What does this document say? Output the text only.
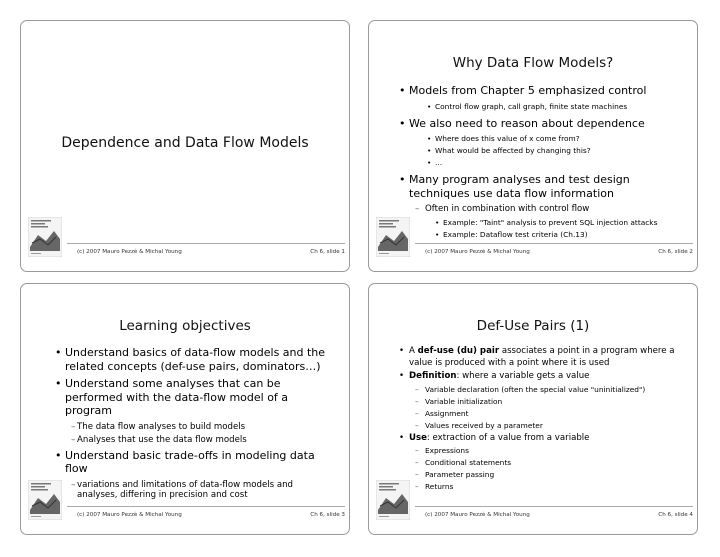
Dependence and Data Flow Models
(c) 2007 Mauro Pezzè & Michal Young	Ch 6, slide 1
Why Data Flow Models?
• Models from Chapter 5 emphasized control
• Control flow graph, call graph, finite state machines
• We also need to reason about dependence
• Where does this value of x come from?
• What would be affected by changing this?
• ...
• Many program analyses and test design techniques use data flow information
– Often in combination with control flow
• Example: "Taint" analysis to prevent SQL injection attacks
• Example: Dataflow test criteria (Ch.13)
(c) 2007 Mauro Pezzè & Michal Young	Ch 6, slide 2
Learning objectives
• Understand basics of data-flow models and the related concepts (def-use pairs, dominators…)
• Understand some analyses that can be performed with the data-flow model of a program
– The data flow analyses to build models
– Analyses that use the data flow models
• Understand basic trade-offs in modeling data flow
– variations and limitations of data-flow models and analyses, differing in precision and cost
(c) 2007 Mauro Pezzè & Michal Young	Ch 6, slide 3
Def-Use Pairs (1)
• A def-use (du) pair associates a point in a program where a value is produced with a point where it is used
• Definition: where a variable gets a value
– Variable declaration (often the special value "uninitialized")
– Variable initialization
– Assignment
– Values received by a parameter
• Use: extraction of a value from a variable
– Expressions
– Conditional statements
– Parameter passing
– Returns
(c) 2007 Mauro Pezzè & Michal Young	Ch 6, slide 4
